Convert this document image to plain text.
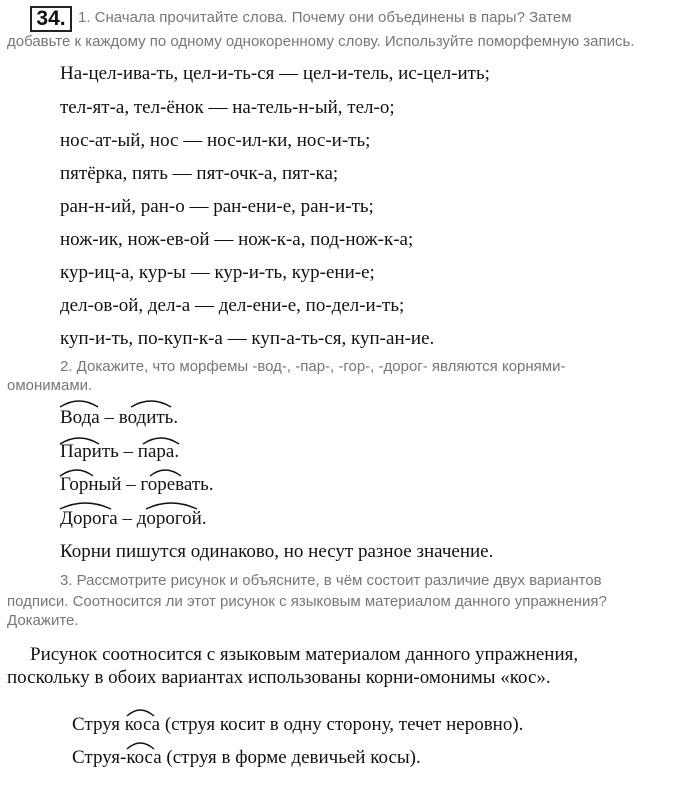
34. 1. Сначала прочитайте слова. Почему они объединены в пары? Затем
добавьте к каждому по одному однокоренному слову. Используйте поморфемную запись.
На-цел-ива-ть, цел-и-ть-ся — цел-и-тель, ис-цел-ить;
тел-ят-а, тел-ёнок — на-тель-н-ый, тел-о;
нос-ат-ый, нос — нос-ил-ки, нос-и-ть;
пятёрка, пять — пят-очк-а, пят-ка;
ран-н-ий, ран-о — ран-ени-е, ран-и-ть;
нож-ик, нож-ев-ой — нож-к-а, под-нож-к-а;
кур-иц-а, кур-ы — кур-и-ть, кур-ени-е;
дел-ов-ой, дел-а — дел-ени-е, по-дел-и-ть;
куп-и-ть, по-куп-к-а — куп-а-ть-ся, куп-ан-ие.
2. Докажите, что морфемы -вод-, -пар-, -гор-, -дорог- являются корнями-
омонимами.
Вода – водить.
Парить – пара.
Горный – горевать.
Дорога – дорогой.
Корни пишутся одинаково, но несут разное значение.
3. Рассмотрите рисунок и объясните, в чём состоит различие двух вариантов
подписи. Соотносится ли этот рисунок с языковым материалом данного упражнения?
Докажите.
Рисунок соотносится с языковым материалом данного упражнения,
поскольку в обоих вариантах использованы корни-омонимы «кос».
Струя коса (струя косит в одну сторону, течет неровно).
Струя-коса (струя в форме девичьей косы).
